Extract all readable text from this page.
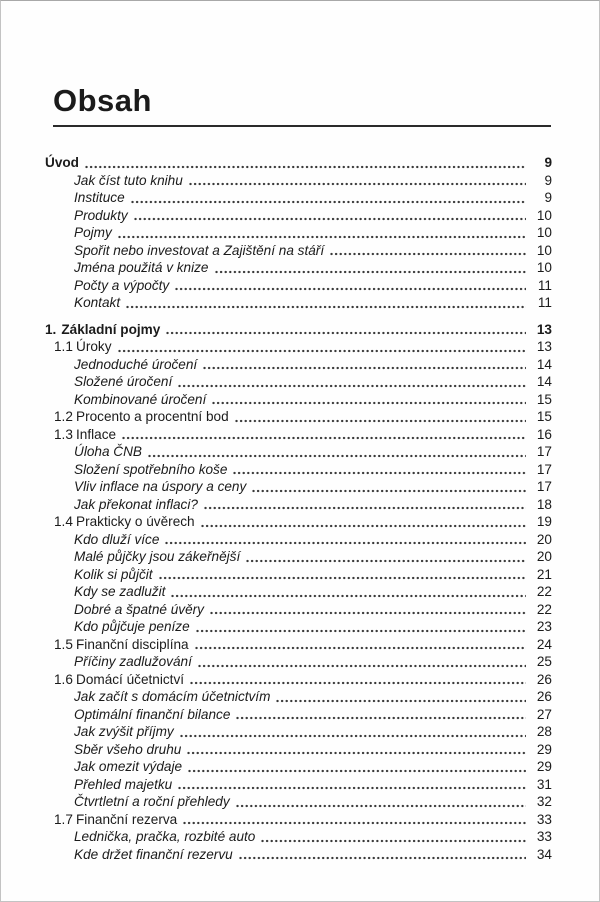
Obsah
Úvod	9
Jak číst tuto knihu	9
Instituce	9
Produkty	10
Pojmy	10
Spořit nebo investovat a Zajištění na stáří	10
Jména použitá v knize	10
Počty a výpočty	11
Kontakt	11
1. Základní pojmy	13
1.1 Úroky	13
Jednoduché úročení	14
Složené úročení	14
Kombinované úročení	15
1.2 Procento a procentní bod	15
1.3 Inflace	16
Úloha ČNB	17
Složení spotřebního koše	17
Vliv inflace na úspory a ceny	17
Jak překonat inflaci?	18
1.4 Prakticky o úvěrech	19
Kdo dluží více	20
Malé půjčky jsou zákeřnější	20
Kolik si půjčit	21
Kdy se zadlužit	22
Dobré a špatné úvěry	22
Kdo půjčuje peníze	23
1.5 Finanční disciplína	24
Příčiny zadlužování	25
1.6 Domácí účetnictví	26
Jak začít s domácím účetnictvím	26
Optimální finanční bilance	27
Jak zvýšit příjmy	28
Sběr všeho druhu	29
Jak omezit výdaje	29
Přehled majetku	31
Čtvrtletní a roční přehledy	32
1.7 Finanční rezerva	33
Lednička, pračka, rozbité auto	33
Kde držet finanční rezervu	34
